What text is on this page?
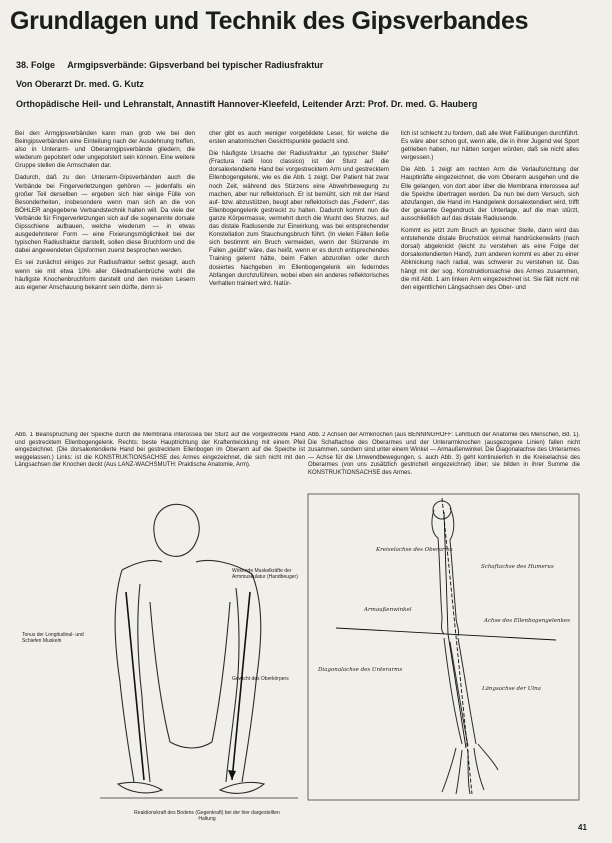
Grundlagen und Technik des Gipsverbandes
38. Folge Armgipsverbände: Gipsverband bei typischer Radiusfraktur
Von Oberarzt Dr. med. G. Kutz
Orthopädische Heil- und Lehranstalt, Annastift Hannover-Kleefeld, Leitender Arzt: Prof. Dr. med. G. Hauberg

Bei den Armgipsverbänden kann man grob wie bei den Beingipsverbänden eine Einteilung nach der Ausdehnung treffen, also in Unterarm- und Oberarmgipsverbände gliedern, die wiederum gepolstert oder ungepolstert sein können. Eine weitere Gruppe stellen die Armschalen dar.

Dadurch, daß zu den Unterarm-Gipsverbänden auch die Verbände bei Fingerverletzungen gehören — jedenfalls ein großer Teil derselben — ergeben sich hier einige Fülle von Besonderheiten, insbesondere wenn man sich an die von BÖHLER angegebene Verbandstechnik halten will. Da viele der Verbände für Fingerverletzungen sich auf die sogenannte dorsale Gipsschiene aufbauen, welche wiederum — in etwas ausgedehnterer Form — eine Fixierungsmöglichkeit bei der typischen Radiusfraktur darstellt, sollen diese Bruchform und die dabei angewendeten Gipsformen zuerst besprochen werden.

Es sei zunächst einiges zur Radiusfraktur selbst gesagt, auch wenn sie mit etwa 10% aller Gliedmaßenbrüche wohl die häufigste Knochenbruchform darstellt und den meisten Lesern aus eigener Anschauung bekannt sein dürfte, denn si-

cher gibt es auch weniger vorgebildete Leser, für welche die ersten anatomischen Gesichtspunkte gedacht sind.

Die häufigste Ursache der Radiusfraktur „an typischer Stelle“ (Fractura radii loco classico) ist der Sturz auf die dorsalextendierte Hand bei vorgestrecktem Arm und gestrecktem Ellenbogengelenk, wie es die Abb. 1 zeigt. Der Patient hat zwar noch Zeit, während des Stürzens eine Abwehrbewegung zu machen, aber nur reflektorisch. Er ist bemüht, sich mit der Hand auf- bzw. abzustützen, beugt aber reflektorisch das „Federn“, das Ellenbogengelenk gestreckt zu halten. Dadurch kommt nun die ganze Körpermasse, vermehrt durch die Wucht des Sturzes, auf das distale Radiusende zur Einwirkung, was bei entsprechender Konstellation zum Stauchungsbruch führt. (In vielen Fällen ließe sich bestimmt ein Bruch vermeiden, wenn der Stürzende im Fallen „geübt“ wäre, das heißt, wenn er es durch entsprechendes Training gelernt hätte, beim Fallen abzurollen oder durch dosiertes Nachgeben im Ellenbogengelenk ein federndes Abfangen durchzuführen, wobei eben ein anderes reflektorisches Verhalten trainiert wird. Natür-

lich ist schlecht zu fordern, daß alle Welt Fallübungen durchführt. Es wäre aber schon gut, wenn alle, die in ihrer Jugend viel Sport getrieben haben, nur hätten sorgen würden, daß sie nicht alles vergessen.)

Die Abb. 1 zeigt am rechten Arm die Verlaufsrichtung der Hauptkräfte eingezeichnet, die vom Oberarm ausgehen und die Elle gelangen, von dort aber über die Membrana interossea auf die Speiche übertragen werden. Da nun bei dem Versuch, sich abzufangen, die Hand im Handgelenk dorsalextendiert wird, trifft der gesamte Gegendruck der Unterlage, auf die man stürzt, ausschließlich auf das distale Radiusende.

Kommt es jetzt zum Bruch an typischer Stelle, dann wird das entstehende distale Bruchstück einmal handrückenwärts (nach dorsal) abgeknickt (leicht zu verstehen als eine Folge der dorsalextendierten Hand), zum anderen kommt es aber zu einer Abknickung nach radial, was schwerer zu verstehen ist. Das hängt mit der sog. Konstruktionsachse des Armes zusammen, die mit Abb. 1 am linken Arm eingezeichnet ist. Sie fällt nicht mit den eigentlichen Längsachsen des Ober- und

Abb. 1 Beanspruchung der Speiche durch die Membrana interossea bei Sturz auf die vorgestreckte Hand und gestrecktem Ellenbogengelenk. Rechts: beste Hauptrichtung der Kraftentwicklung mit einem Pfeil eingezeichnet. (Die dorsalextendierte Hand bei gestrecktem Ellenbogen im Oberarm auf die Speiche ist weggelassen.) Links: ist die KONSTRUKTIONSACHSE des Armes eingezeichnet, die sich nicht mit den Längsachsen der Knochen deckt (Aus LANZ-WACHSMUTH: Praktische Anatomie, Arm).
Abb. 2 Achsen der Armknochen (aus BENNINGHOFF: Lehrbuch der Anatomie des Menschen, Bd. 1). Die Schaftachse des Oberarmes und der Unterarmknochen (ausgezogene Linien) fallen nicht zusammen, sondern sind unter einem Winkel — Armaußenwinkel. Die Diagonalachse des Unterarmes — Achse für die Umwendbewegungen, s. auch Abb. 3) geht kontinuierlich in die Kreiselachse des Oberarmes (von uns zusätzlich gestrichelt eingezeichnet) über; sie bilden in ihrer Summe die KONSTRUKTIONSACHSE des Armes.
Wirkende Muskelkräfte der Armmuskulatur (Handbeuger)
Tonus der Longitudinal- und Schiefen Muskeln
Gewicht des Oberkörpers
Reaktionskraft des Bodens (Gegenkraft) bei der hier dargestellten Haltung
Kreiselachse des Oberarms
Schaftachse des Humerus
Armaußenwinkel
Achse des Ellenbogengelenkes
Diagonalachse des Unterarms
Längsachse der Ulna
41
